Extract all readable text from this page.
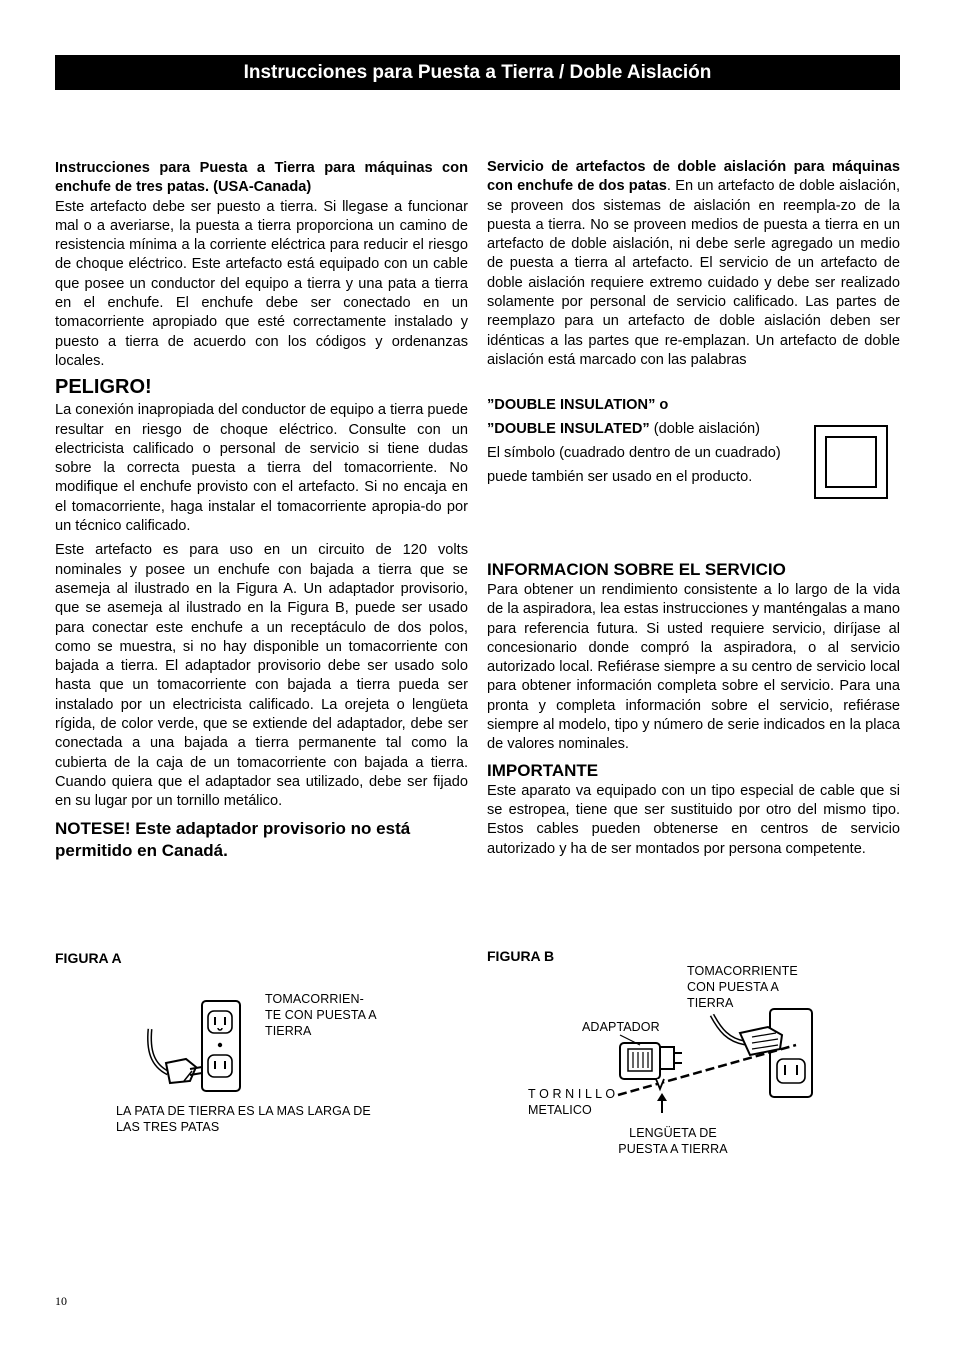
Instrucciones para Puesta a Tierra / Doble Aislación

Instrucciones para Puesta a Tierra para máquinas con enchufe de tres patas. (USA-Canada)

Este artefacto debe ser puesto a tierra. Si llegase a funcionar mal o a averiarse, la puesta a tierra proporciona un camino de resistencia mínima a la corriente eléctrica para reducir el riesgo de choque eléctrico. Este artefacto está equipado con un cable que posee un conductor del equipo a tierra y una pata a tierra en el enchufe. El enchufe debe ser conectado en un tomacorriente apropiado que esté correctamente instalado y puesto a tierra de acuerdo con los códigos y ordenanzas locales.

PELIGRO!

La conexión inapropiada del conductor de equipo a tierra puede resultar en riesgo de choque eléctrico. Consulte con un electricista calificado o personal de servicio si tiene dudas sobre la correcta puesta a tierra del tomacorriente. No modifique el enchufe provisto con el artefacto. Si no encaja en el tomacorriente, haga instalar el tomacorriente apropia-do por un técnico calificado.

Este artefacto es para uso en un circuito de 120 volts nominales y posee un enchufe con bajada a tierra que se asemeja al ilustrado en la Figura A. Un adaptador provisorio, que se asemeja al ilustrado en la Figura B, puede ser usado para conectar este enchufe a un receptáculo de dos polos, como se muestra, si no hay disponible un tomacorriente con bajada a tierra. El adaptador provisorio debe ser usado solo hasta que un tomacorriente con bajada a tierra pueda ser instalado por un electricista calificado. La orejeta o lengüeta rígida, de color verde, que se extiende del adaptador, debe ser conectada a una bajada a tierra permanente tal como la cubierta de la caja de un tomacorriente con bajada a tierra. Cuando quiera que el adaptador sea utilizado, debe ser fijado en su lugar por un tornillo metálico.

NOTESE! Este adaptador provisorio no está permitido en Canadá.

Servicio de artefactos de doble aislación para máquinas con enchufe de dos patas. En un artefacto de doble aislación, se proveen dos sistemas de aislación en reempla-zo de la puesta a tierra. No se proveen medios de puesta a tierra en un artefacto de doble aislación, ni debe serle agregado un medio de puesta a tierra al artefacto. El servicio de un artefacto de doble aislación requiere extremo cuidado y debe ser realizado solamente por personal de servicio calificado. Las partes de reemplazo para un artefacto de doble aislación deben ser idénticas a las partes que re-emplazan. Un artefacto de doble aislación está marcado con las palabras

”DOUBLE INSULATION” o
”DOUBLE INSULATED” (doble aislación)
El símbolo (cuadrado dentro de un cuadrado)
puede también ser usado en el producto.
INFORMACION SOBRE EL SERVICIO

Para obtener un rendimiento consistente a lo largo de la vida de la aspiradora, lea estas instrucciones y manténgalas a mano para referencia futura. Si usted requiere servicio, diríjase al concesionario donde compró la aspiradora, o al servicio autorizado local. Refiérase siempre a su centro de servicio local para obtener información completa sobre el servicio. Para una pronta y completa información sobre el servicio, refiérase siempre al modelo, tipo y número de serie indicados en la placa de valores nominales.

IMPORTANTE

Este aparato va equipado con un tipo especial de cable que si se estropea, tiene que ser sustituido por otro del mismo tipo. Estos cables pueden obtenerse en centros de servicio autorizado y ha de ser montados por persona competente.

FIGURA A
TOMACORRIEN-
TE CON PUESTA A
TIERRA
LA PATA DE TIERRA ES LA MAS LARGA DE
LAS TRES PATAS
FIGURA B
TOMACORRIENTE
CON PUESTA A
TIERRA
ADAPTADOR
T O R N I L L O
METALICO
LENGÜETA DE
PUESTA A TIERRA
10
